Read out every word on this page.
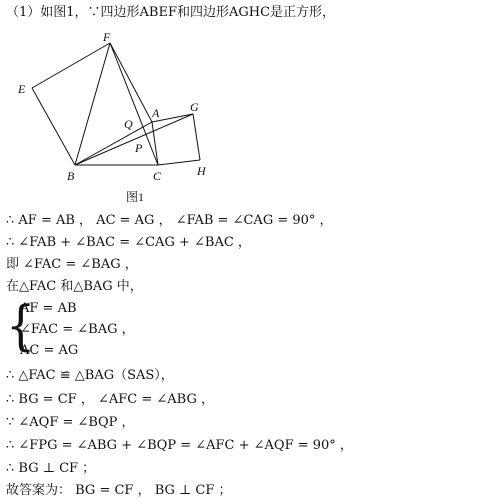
（1）如图1，∵四边形ABEF和四边形AGHC是正方形，
E
F
A	G
Q
P
B	C	H
图1
∴ AF = AB ， AC = AG ， ∠FAB = ∠CAG = 90° ，
∴ ∠FAB + ∠BAC = ∠CAG + ∠BAC ，
即 ∠FAC = ∠BAG ，
在△FAC 和△BAG 中，
{
AF = AB
∠FAC = ∠BAG ，
AC = AG
∴ △FAC ≌ △BAG（SAS），
∴ BG = CF ， ∠AFC = ∠ABG ，
∵ ∠AQF = ∠BQP ，
∴ ∠FPG = ∠ABG + ∠BQP = ∠AFC + ∠AQF = 90° ，
∴ BG ⊥ CF ；
故答案为： BG = CF ， BG ⊥ CF ；
